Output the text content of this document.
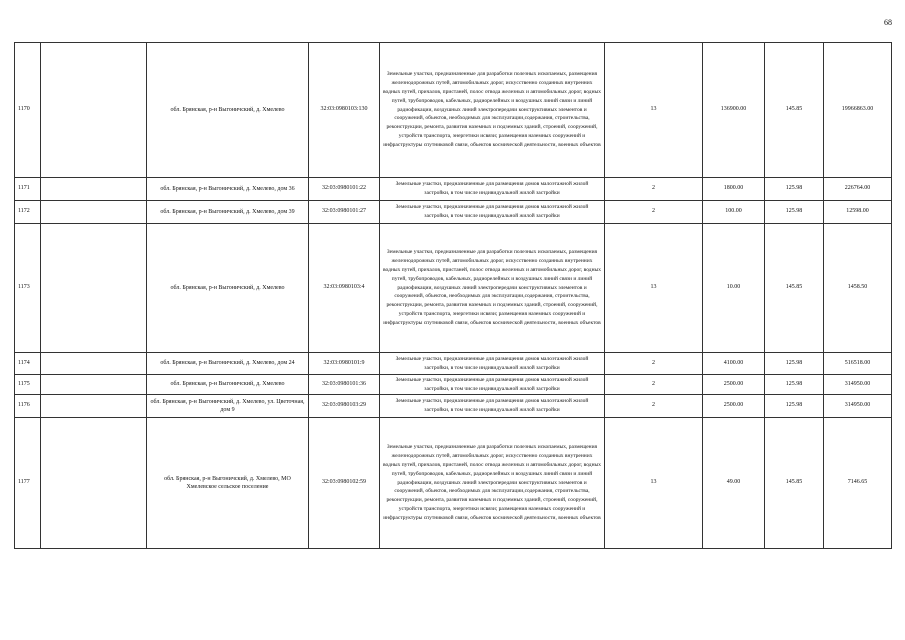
68
1170		обл. Брянская, р-н Выгоничский, д. Хмелево	32:03:0980103:130	Земельные участки, предназначенные для разработки полезных ископаемых, размещения железнодорожных путей, автомобильных дорог, искусственно созданных внутренних водных путей, причалов, пристаней, полос отвода железных и автомобильных дорог, водных путей, трубопроводов, кабельных, радиорелейных и воздушных линий связи и линий радиофикации, воздушных линий электропередачи конструктивных элементов и сооружений, объектов, необходимых для эксплуатации,содержания, строительства, реконструкции, ремонта, развития наземных и подземных зданий, строений, сооружений, устройств транспорта, энергетики исвязи; размещения наземных сооружений и инфраструктуры спутниковой связи, объектов космической деятельности, военных объектов	13	136900.00	145.85	19966863.00
1171		обл. Брянская, р-н Выгоничский, д. Хмелево, дом 36	32:03:0980101:22	Земельные участки, предназначенные для размещения домов малоэтажной жилой застройки, в том числе индивидуальной жилой застройки	2	1800.00	125.98	226764.00
1172		обл. Брянская, р-н Выгоничский, д. Хмелево, дом 39	32:03:0980101:27	Земельные участки, предназначенные для размещения домов малоэтажной жилой застройки, в том числе индивидуальной жилой застройки	2	100.00	125.98	12598.00
1173		обл. Брянская, р-н Выгоничский, д. Хмелево	32:03:0980103:4	Земельные участки, предназначенные для разработки полезных ископаемых, размещения железнодорожных путей, автомобильных дорог, искусственно созданных внутренних водных путей, причалов, пристаней, полос отвода железных и автомобильных дорог, водных путей, трубопроводов, кабельных, радиорелейных и воздушных линий связи и линий радиофикации, воздушных линий электропередачи конструктивных элементов и сооружений, объектов, необходимых для эксплуатации,содержания, строительства, реконструкции, ремонта, развития наземных и подземных зданий, строений, сооружений, устройств транспорта, энергетики исвязи; размещения наземных сооружений и инфраструктуры спутниковой связи, объектов космической деятельности, военных объектов	13	10.00	145.85	1458.50
1174		обл. Брянская, р-н Выгоничский, д. Хмелево, дом 24	32:03:0980101:9	Земельные участки, предназначенные для размещения домов малоэтажной жилой застройки, в том числе индивидуальной жилой застройки	2	4100.00	125.98	516518.00
1175		обл. Брянская, р-н Выгоничский, д. Хмелево	32:03:0980101:36	Земельные участки, предназначенные для размещения домов малоэтажной жилой застройки, в том числе индивидуальной жилой застройки	2	2500.00	125.98	314950.00
1176		обл. Брянская, р-н Выгоничский, д. Хмелево, ул. Цветочная, дом 9	32:03:0980103:29	Земельные участки, предназначенные для размещения домов малоэтажной жилой застройки, в том числе индивидуальной жилой застройки	2	2500.00	125.98	314950.00
1177		обл. Брянская, р-н Выгоничский, д. Хмелево, МО Хмелевское сельское поселение	32:03:0980102:59	Земельные участки, предназначенные для разработки полезных ископаемых, размещения железнодорожных путей, автомобильных дорог, искусственно созданных внутренних водных путей, причалов, пристаней, полос отвода железных и автомобильных дорог, водных путей, трубопроводов, кабельных, радиорелейных и воздушных линий связи и линий радиофикации, воздушных линий электропередачи конструктивных элементов и сооружений, объектов, необходимых для эксплуатации,содержания, строительства, реконструкции, ремонта, развития наземных и подземных зданий, строений, сооружений, устройств транспорта, энергетики исвязи; размещения наземных сооружений и инфраструктуры спутниковой связи, объектов космической деятельности, военных объектов	13	49.00	145.85	7146.65
